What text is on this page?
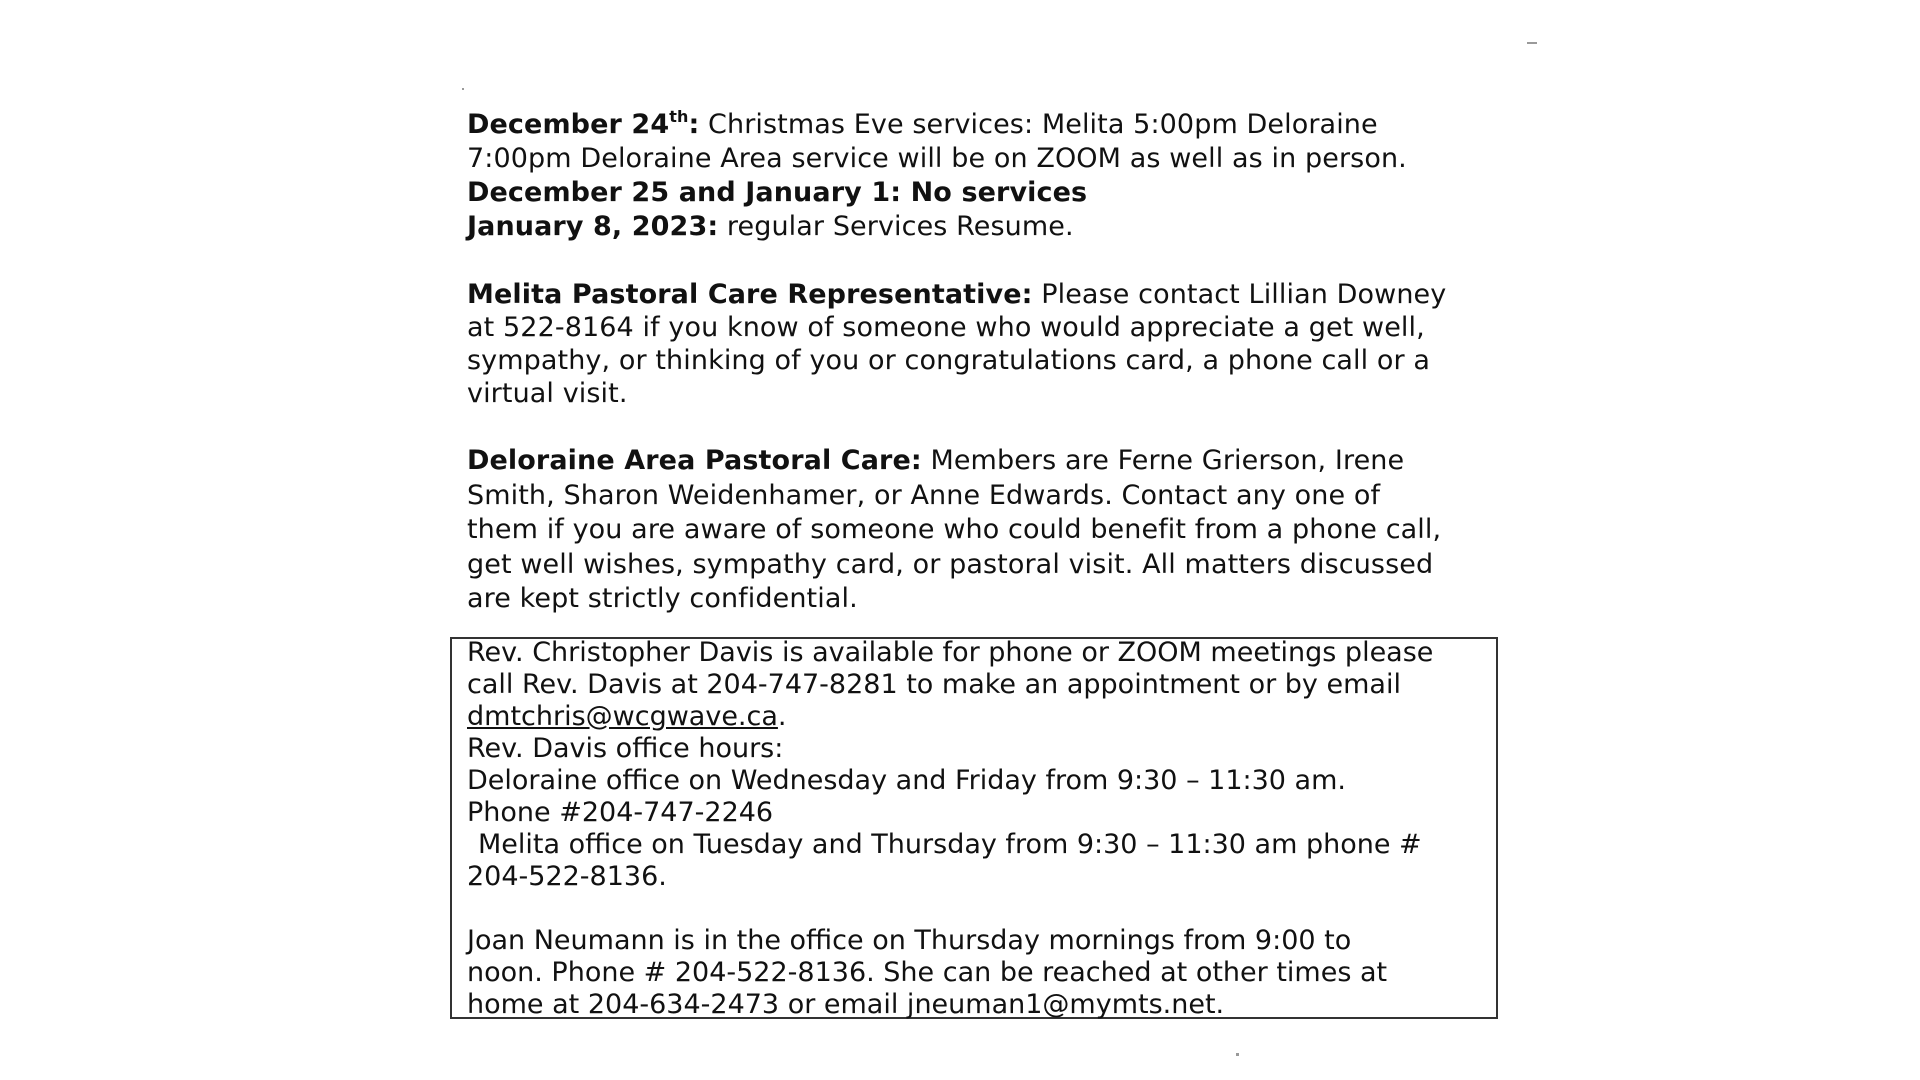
December 24th: Christmas Eve services: Melita 5:00pm Deloraine

7:00pm Deloraine Area service will be on ZOOM as well as in person.

December 25 and January 1: No services

January 8, 2023: regular Services Resume.

Melita Pastoral Care Representative: Please contact Lillian Downey

at 522-8164 if you know of someone who would appreciate a get well,

sympathy, or thinking of you or congratulations card, a phone call or a

virtual visit.

Deloraine Area Pastoral Care: Members are Ferne Grierson, Irene

Smith, Sharon Weidenhamer, or Anne Edwards. Contact any one of

them if you are aware of someone who could benefit from a phone call,

get well wishes, sympathy card, or pastoral visit. All matters discussed

are kept strictly confidential.

Rev. Christopher Davis is available for phone or ZOOM meetings please

call Rev. Davis at 204-747-8281 to make an appointment or by email

dmtchris@wcgwave.ca.

Rev. Davis office hours:

Deloraine office on Wednesday and Friday from 9:30 – 11:30 am.

Phone #204-747-2246

Melita office on Tuesday and Thursday from 9:30 – 11:30 am phone #

204-522-8136.

Joan Neumann is in the office on Thursday mornings from 9:00 to

noon. Phone # 204-522-8136. She can be reached at other times at

home at 204-634-2473 or email jneuman1@mymts.net.
